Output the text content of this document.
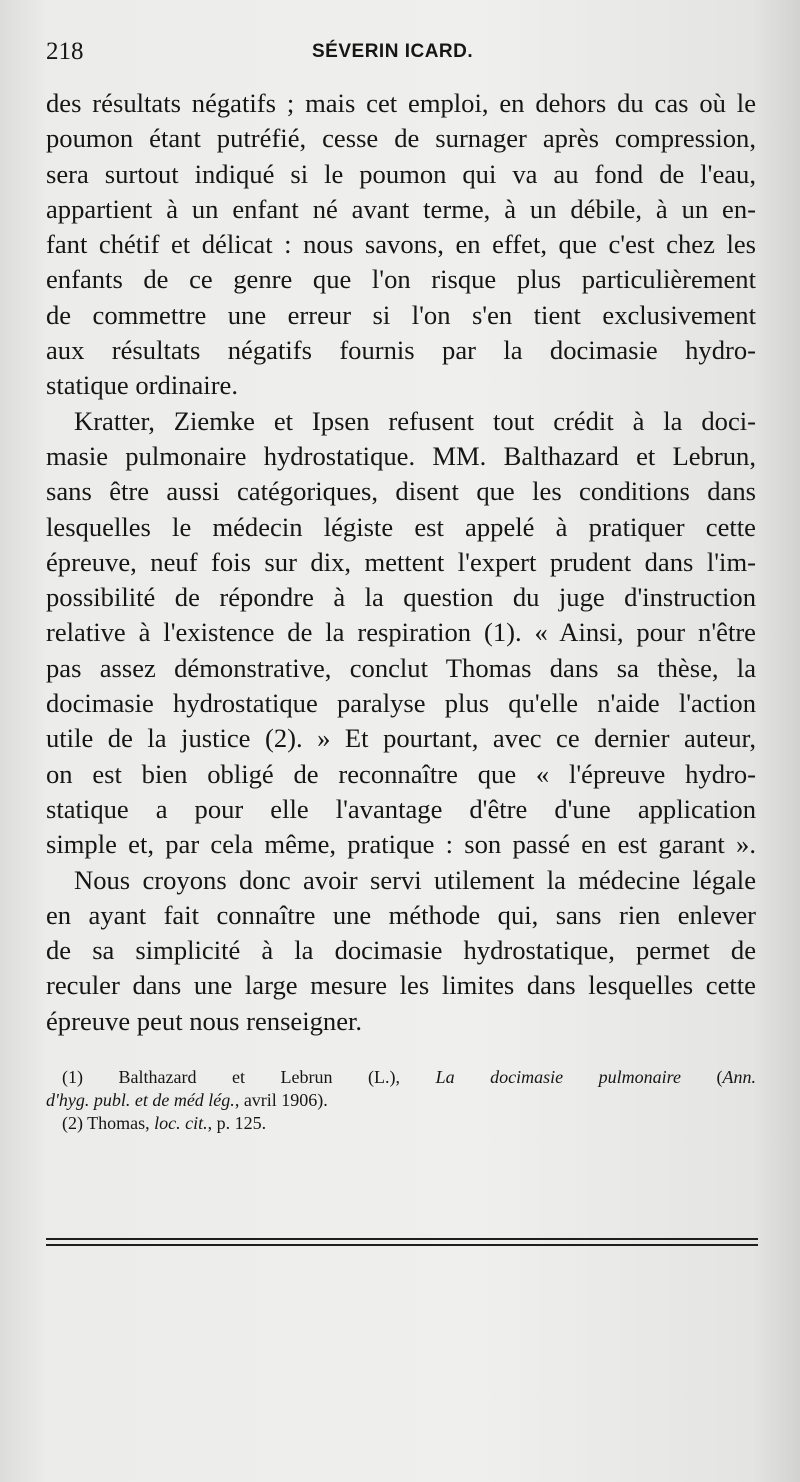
218	SÉVERIN ICARD.
des résultats négatifs ; mais cet emploi, en dehors du cas où le
poumon étant putréfié, cesse de surnager après compression,
sera surtout indiqué si le poumon qui va au fond de l'eau,
appartient à un enfant né avant terme, à un débile, à un en-
fant chétif et délicat : nous savons, en effet, que c'est chez les
enfants de ce genre que l'on risque plus particulièrement
de commettre une erreur si l'on s'en tient exclusivement
aux résultats négatifs fournis par la docimasie hydro-
statique ordinaire.
Kratter, Ziemke et Ipsen refusent tout crédit à la doci-
masie pulmonaire hydrostatique. MM. Balthazard et Lebrun,
sans être aussi catégoriques, disent que les conditions dans
lesquelles le médecin légiste est appelé à pratiquer cette
épreuve, neuf fois sur dix, mettent l'expert prudent dans l'im-
possibilité de répondre à la question du juge d'instruction
relative à l'existence de la respiration (1). « Ainsi, pour n'être
pas assez démonstrative, conclut Thomas dans sa thèse, la
docimasie hydrostatique paralyse plus qu'elle n'aide l'action
utile de la justice (2). » Et pourtant, avec ce dernier auteur,
on est bien obligé de reconnaître que « l'épreuve hydro-
statique a pour elle l'avantage d'être d'une application
simple et, par cela même, pratique : son passé en est garant ».
Nous croyons donc avoir servi utilement la médecine légale
en ayant fait connaître une méthode qui, sans rien enlever
de sa simplicité à la docimasie hydrostatique, permet de
reculer dans une large mesure les limites dans lesquelles cette
épreuve peut nous renseigner.
(1) Balthazard et Lebrun (L.), La docimasie pulmonaire (Ann.
d'hyg. publ. et de méd lég., avril 1906).
(2) Thomas, loc. cit., p. 125.
